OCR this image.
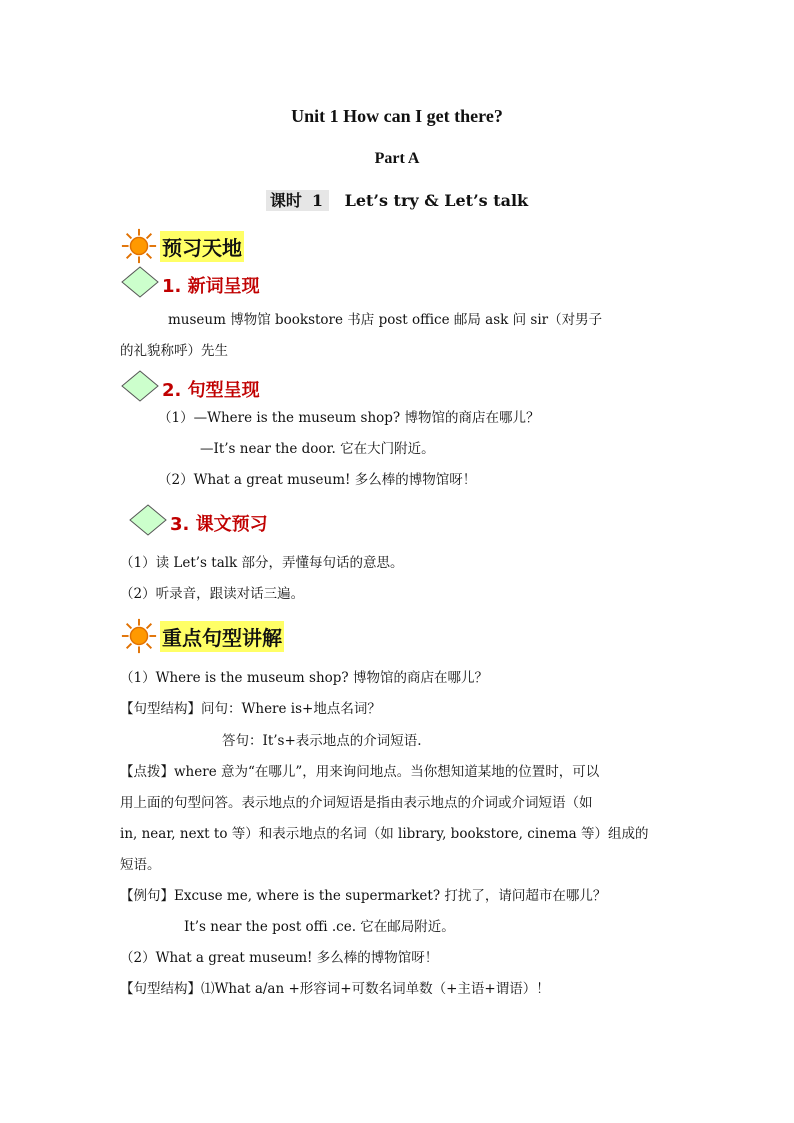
Unit 1 How can I get there?
Part A
课时 1 Let’s try & Let’s talk
预习天地
1. 新词呈现
museum 博物馆 bookstore 书店 post office 邮局 ask 问 sir（对男子
的礼貌称呼）先生
2. 句型呈现
（1）—Where is the museum shop? 博物馆的商店在哪儿？
—It’s near the door. 它在大门附近。
（2）What a great museum! 多么棒的博物馆呀！
3. 课文预习
（1）读 Let’s talk 部分，弄懂每句话的意思。
（2）听录音，跟读对话三遍。
重点句型讲解
（1）Where is the museum shop? 博物馆的商店在哪儿？
【句型结构】问句：Where is+地点名词？
答句：It’s+表示地点的介词短语.
【点拨】where 意为“在哪儿”，用来询问地点。当你想知道某地的位置时，可以
用上面的句型问答。表示地点的介词短语是指由表示地点的介词或介词短语（如
in, near, next to 等）和表示地点的名词（如 library, bookstore, cinema 等）组成的
短语。
【例句】Excuse me, where is the supermarket? 打扰了，请问超市在哪儿？
It’s near the post offi .ce. 它在邮局附近。
（2）What a great museum! 多么棒的博物馆呀！
【句型结构】⑴What a/an +形容词+可数名词单数（+主语+谓语）！
